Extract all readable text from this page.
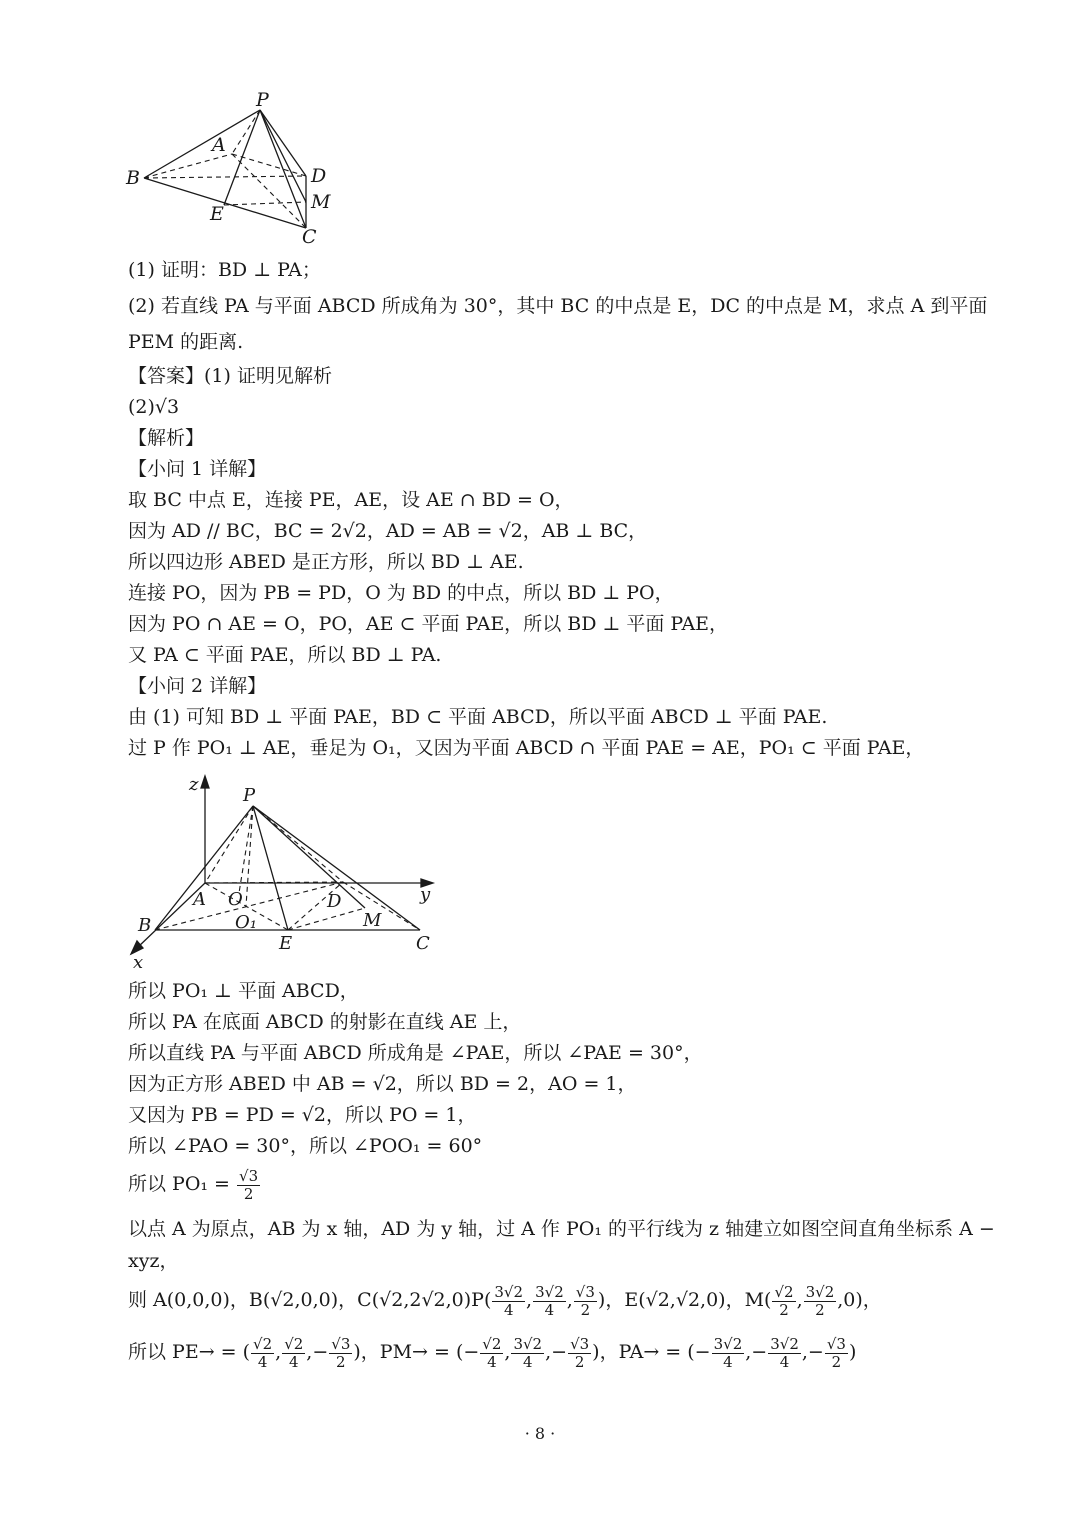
P
A
B	D
E
M
C
(1) 证明：BD ⊥ PA；
(2) 若直线 PA 与平面 ABCD 所成角为 30°，其中 BC 的中点是 E，DC 的中点是 M，求点 A 到平面
PEM 的距离.
【答案】(1) 证明见解析
(2)√3
【解析】
【小问 1 详解】
取 BC 中点 E，连接 PE，AE，设 AE ∩ BD = O，
因为 AD // BC，BC = 2√2，AD = AB = √2，AB ⊥ BC，
所以四边形 ABED 是正方形，所以 BD ⊥ AE.
连接 PO，因为 PB = PD，O 为 BD 的中点，所以 BD ⊥ PO，
因为 PO ∩ AE = O，PO，AE ⊂ 平面 PAE，所以 BD ⊥ 平面 PAE，
又 PA ⊂ 平面 PAE，所以 BD ⊥ PA.
【小问 2 详解】
由 (1) 可知 BD ⊥ 平面 PAE，BD ⊂ 平面 ABCD，所以平面 ABCD ⊥ 平面 PAE.
过 P 作 PO₁ ⊥ AE，垂足为 O₁，又因为平面 ABCD ∩ 平面 PAE = AE，PO₁ ⊂ 平面 PAE，
z
P
y
A O	D
B	O₁	M
E	C
x
所以 PO₁ ⊥ 平面 ABCD，
所以 PA 在底面 ABCD 的射影在直线 AE 上，
所以直线 PA 与平面 ABCD 所成角是 ∠PAE，所以 ∠PAE = 30°，
因为正方形 ABED 中 AB = √2，所以 BD = 2，AO = 1，
又因为 PB = PD = √2，所以 PO = 1，
所以 ∠PAO = 30°，所以 ∠POO₁ = 60°
所以 $PO_1 = \frac{√3}{2}$
以点 A 为原点，AB 为 x 轴，AD 为 y 轴，过 A 作 PO₁ 的平行线为 z 轴建立如图空间直角坐标系 A −
xyz，
则 A(0,0,0)，B(√2,0,0)，$C(√2,2√2,0)P( \frac{3√2}{4}$ , $\frac{3√2}{4}$ , $\frac{√3}{2}$ )，E(√2,√2,0)，$M( \frac{√2}{2}$ , $\frac{3√2}{2} ,0$)，
所以 PE→ = ( $\frac{√2}{4}$ , $\frac{√2}{4}$ ,− $\frac{√3}{2}$ )，PM→ = (− $\frac{√2}{4}$ , $\frac{3√2}{4}$ ,− $\frac{√3}{2}$ )，PA→ = (− $\frac{3√2}{4}$ ,− $\frac{3√2}{4}$ ,− $\frac{√3}{2}$ )
· 8 ·
